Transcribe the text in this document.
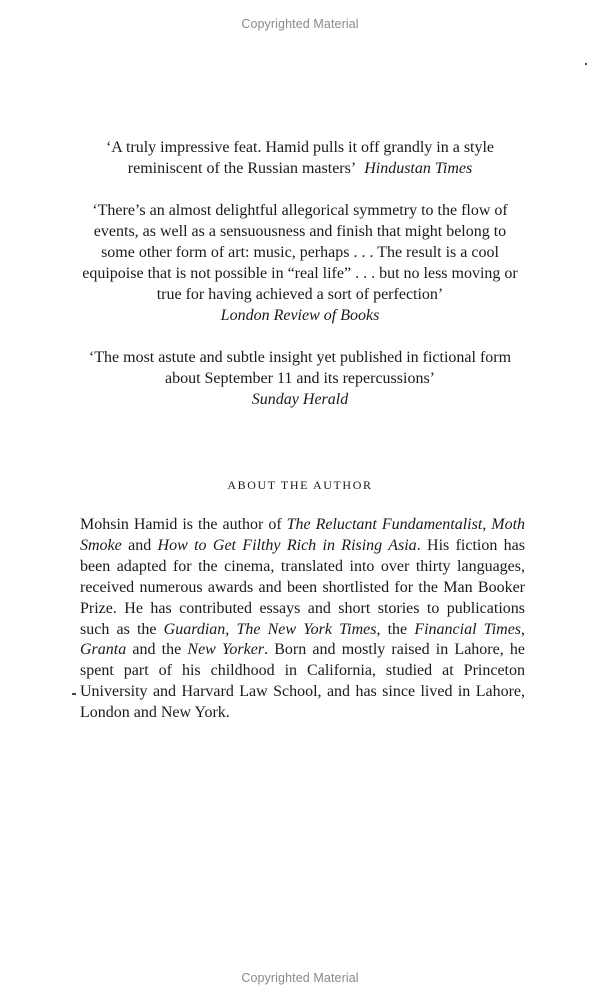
Copyrighted Material
‘A truly impressive feat. Hamid pulls it off grandly in a style reminiscent of the Russian masters’ Hindustan Times

‘There’s an almost delightful allegorical symmetry to the flow of events, as well as a sensuousness and finish that might belong to some other form of art: music, perhaps . . . The result is a cool equipoise that is not possible in “real life” . . . but no less moving or true for having achieved a sort of perfection’

London Review of Books

‘The most astute and subtle insight yet published in fictional form about September 11 and its repercussions’

Sunday Herald

ABOUT THE AUTHOR

Mohsin Hamid is the author of The Reluctant Fundamentalist, Moth Smoke and How to Get Filthy Rich in Rising Asia. His fiction has been adapted for the cinema, translated into over thirty languages, received numerous awards and been shortlisted for the Man Booker Prize. He has contributed essays and short stories to publications such as the Guardian, The New York Times, the Financial Times, Granta and the New Yorker. Born and mostly raised in Lahore, he spent part of his childhood in California, studied at Princeton University and Harvard Law School, and has since lived in Lahore, London and New York.

Copyrighted Material
